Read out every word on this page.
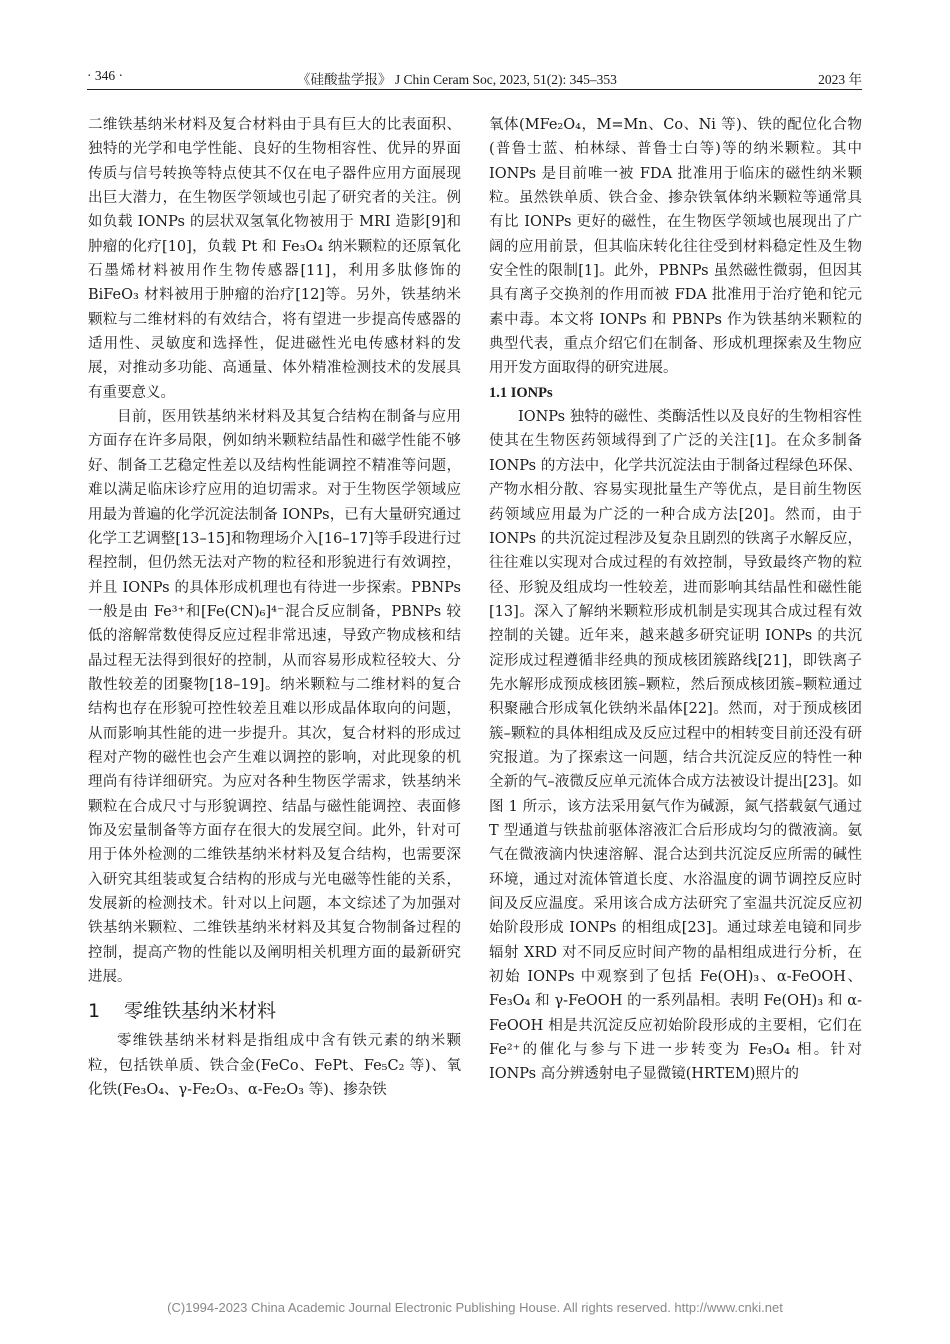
· 346 ·	《硅酸盐学报》 J Chin Ceram Soc, 2023, 51(2): 345–353	2023 年

二维铁基纳米材料及复合材料由于具有巨大的比表面积、独特的光学和电学性能、良好的生物相容性、优异的界面传质与信号转换等特点使其不仅在电子器件应用方面展现出巨大潜力，在生物医学领域也引起了研究者的关注。例如负载 IONPs 的层状双氢氧化物被用于 MRI 造影[9]和肿瘤的化疗[10]，负载 Pt 和 Fe₃O₄ 纳米颗粒的还原氧化石墨烯材料被用作生物传感器[11]，利用多肽修饰的 BiFeO₃ 材料被用于肿瘤的治疗[12]等。另外，铁基纳米颗粒与二维材料的有效结合，将有望进一步提高传感器的适用性、灵敏度和选择性，促进磁性光电传感材料的发展，对推动多功能、高通量、体外精准检测技术的发展具有重要意义。

目前，医用铁基纳米材料及其复合结构在制备与应用方面存在许多局限，例如纳米颗粒结晶性和磁学性能不够好、制备工艺稳定性差以及结构性能调控不精准等问题，难以满足临床诊疗应用的迫切需求。对于生物医学领域应用最为普遍的化学沉淀法制备 IONPs，已有大量研究通过化学工艺调整[13–15]和物理场介入[16–17]等手段进行过程控制，但仍然无法对产物的粒径和形貌进行有效调控，并且 IONPs 的具体形成机理也有待进一步探索。PBNPs 一般是由 Fe³⁺和[Fe(CN)₆]⁴⁻混合反应制备，PBNPs 较低的溶解常数使得反应过程非常迅速，导致产物成核和结晶过程无法得到很好的控制，从而容易形成粒径较大、分散性较差的团聚物[18–19]。纳米颗粒与二维材料的复合结构也存在形貌可控性较差且难以形成晶体取向的问题，从而影响其性能的进一步提升。其次，复合材料的形成过程对产物的磁性也会产生难以调控的影响，对此现象的机理尚有待详细研究。为应对各种生物医学需求，铁基纳米颗粒在合成尺寸与形貌调控、结晶与磁性能调控、表面修饰及宏量制备等方面存在很大的发展空间。此外，针对可用于体外检测的二维铁基纳米材料及复合结构，也需要深入研究其组装或复合结构的形成与光电磁等性能的关系，发展新的检测技术。针对以上问题，本文综述了为加强对铁基纳米颗粒、二维铁基纳米材料及其复合物制备过程的控制，提高产物的性能以及阐明相关机理方面的最新研究进展。

1 零维铁基纳米材料

零维铁基纳米材料是指组成中含有铁元素的纳米颗粒，包括铁单质、铁合金(FeCo、FePt、Fe₅C₂ 等)、氧化铁(Fe₃O₄、γ-Fe₂O₃、α-Fe₂O₃ 等)、掺杂铁

氧体(MFe₂O₄，M=Mn、Co、Ni 等)、铁的配位化合物(普鲁士蓝、柏林绿、普鲁士白等)等的纳米颗粒。其中 IONPs 是目前唯一被 FDA 批准用于临床的磁性纳米颗粒。虽然铁单质、铁合金、掺杂铁氧体纳米颗粒等通常具有比 IONPs 更好的磁性，在生物医学领域也展现出了广阔的应用前景，但其临床转化往往受到材料稳定性及生物安全性的限制[1]。此外，PBNPs 虽然磁性微弱，但因其具有离子交换剂的作用而被 FDA 批准用于治疗铯和铊元素中毒。本文将 IONPs 和 PBNPs 作为铁基纳米颗粒的典型代表，重点介绍它们在制备、形成机理探索及生物应用开发方面取得的研究进展。

1.1 IONPs

IONPs 独特的磁性、类酶活性以及良好的生物相容性使其在生物医药领域得到了广泛的关注[1]。在众多制备 IONPs 的方法中，化学共沉淀法由于制备过程绿色环保、产物水相分散、容易实现批量生产等优点，是目前生物医药领域应用最为广泛的一种合成方法[20]。然而，由于 IONPs 的共沉淀过程涉及复杂且剧烈的铁离子水解反应，往往难以实现对合成过程的有效控制，导致最终产物的粒径、形貌及组成均一性较差，进而影响其结晶性和磁性能[13]。深入了解纳米颗粒形成机制是实现其合成过程有效控制的关键。近年来，越来越多研究证明 IONPs 的共沉淀形成过程遵循非经典的预成核团簇路线[21]，即铁离子先水解形成预成核团簇–颗粒，然后预成核团簇–颗粒通过积聚融合形成氧化铁纳米晶体[22]。然而，对于预成核团簇–颗粒的具体相组成及反应过程中的相转变目前还没有研究报道。为了探索这一问题，结合共沉淀反应的特性一种全新的气–液微反应单元流体合成方法被设计提出[23]。如图 1 所示，该方法采用氨气作为碱源，氮气搭载氨气通过 T 型通道与铁盐前驱体溶液汇合后形成均匀的微液滴。氨气在微液滴内快速溶解、混合达到共沉淀反应所需的碱性环境，通过对流体管道长度、水浴温度的调节调控反应时间及反应温度。采用该合成方法研究了室温共沉淀反应初始阶段形成 IONPs 的相组成[23]。通过球差电镜和同步辐射 XRD 对不同反应时间产物的晶相组成进行分析，在初始 IONPs 中观察到了包括 Fe(OH)₃、α-FeOOH、Fe₃O₄ 和 γ-FeOOH 的一系列晶相。表明 Fe(OH)₃ 和 α-FeOOH 相是共沉淀反应初始阶段形成的主要相，它们在 Fe²⁺的催化与参与下进一步转变为 Fe₃O₄ 相。针对 IONPs 高分辨透射电子显微镜(HRTEM)照片的

(C)1994-2023 China Academic Journal Electronic Publishing House. All rights reserved. http://www.cnki.net
